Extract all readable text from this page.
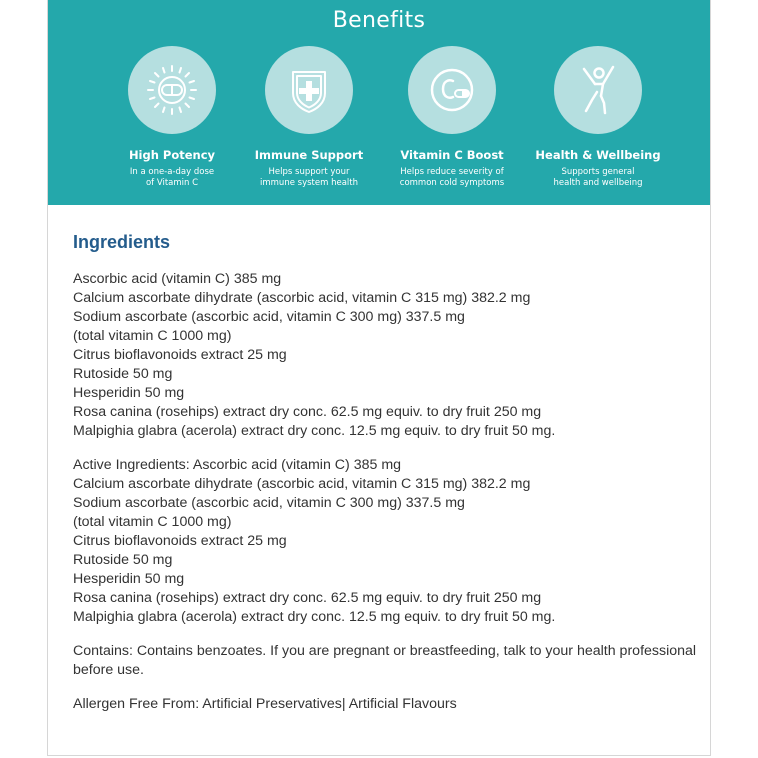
Benefits
High Potency
In a one-a-day dose
of Vitamin C
Immune Support
Helps support your
immune system health
Vitamin C Boost
Helps reduce severity of
common cold symptoms
Health & Wellbeing
Supports general
health and wellbeing
Ingredients
Ascorbic acid (vitamin C) 385 mg
Calcium ascorbate dihydrate (ascorbic acid, vitamin C 315 mg) 382.2 mg
Sodium ascorbate (ascorbic acid, vitamin C 300 mg) 337.5 mg
(total vitamin C 1000 mg)
Citrus bioflavonoids extract 25 mg
Rutoside 50 mg
Hesperidin 50 mg
Rosa canina (rosehips) extract dry conc. 62.5 mg equiv. to dry fruit 250 mg
Malpighia glabra (acerola) extract dry conc. 12.5 mg equiv. to dry fruit 50 mg.
Active Ingredients: Ascorbic acid (vitamin C) 385 mg
Calcium ascorbate dihydrate (ascorbic acid, vitamin C 315 mg) 382.2 mg
Sodium ascorbate (ascorbic acid, vitamin C 300 mg) 337.5 mg
(total vitamin C 1000 mg)
Citrus bioflavonoids extract 25 mg
Rutoside 50 mg
Hesperidin 50 mg
Rosa canina (rosehips) extract dry conc. 62.5 mg equiv. to dry fruit 250 mg
Malpighia glabra (acerola) extract dry conc. 12.5 mg equiv. to dry fruit 50 mg.
Contains: Contains benzoates. If you are pregnant or breastfeeding, talk to your health professional before use.
Allergen Free From: Artificial Preservatives| Artificial Flavours
